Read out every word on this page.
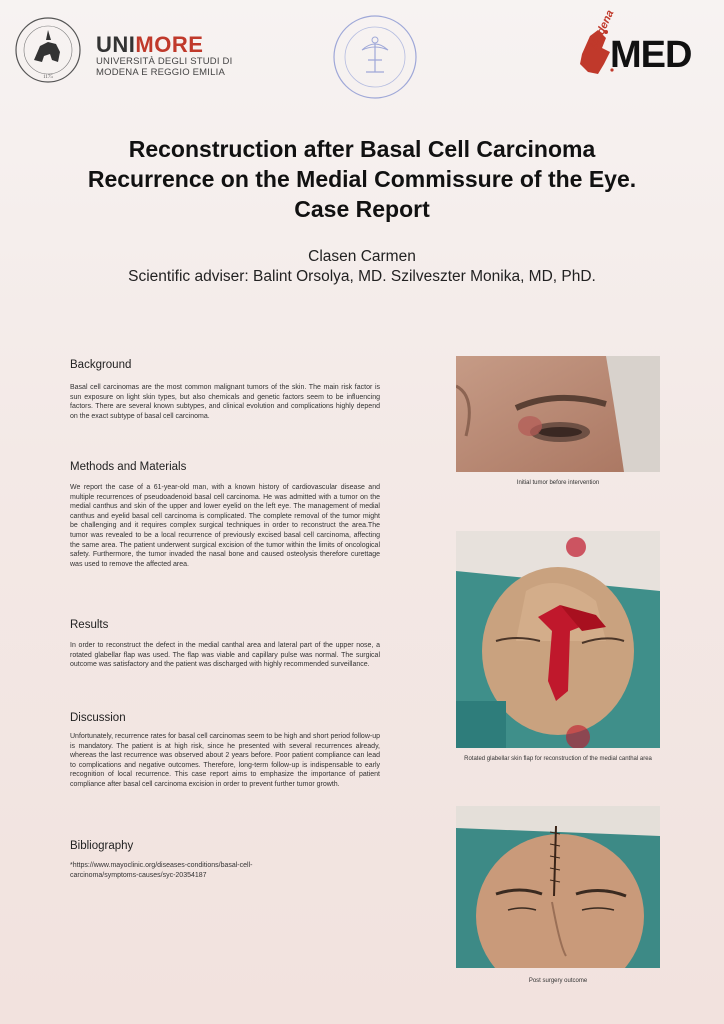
1175
UNIMORE
UNIVERSITÀ DEGLI STUDI DI
MODENA E REGGIO EMILIA	MED
Modena
Reconstruction after Basal Cell Carcinoma
Recurrence on the Medial Commissure of the Eye.
Case Report
Clasen Carmen
Scientific adviser: Balint Orsolya, MD. Szilveszter Monika, MD, PhD.
Background
Basal cell carcinomas are the most common malignant tumors of the skin. The main risk factor is sun exposure on light skin types, but also chemicals and genetic factors seem to be influencing factors. There are several known subtypes, and clinical evolution and complications highly depend on the exact subtype of basal cell carcinoma.
Methods and Materials
We report the case of a 61-year-old man, with a known history of cardiovascular disease and multiple recurrences of pseudoadenoid basal cell carcinoma. He was admitted with a tumor on the medial canthus and skin of the upper and lower eyelid on the left eye. The management of medial canthus and eyelid basal cell carcinoma is complicated. The complete removal of the tumor might be challenging and it requires complex surgical techniques in order to reconstruct the area.The tumor was revealed to be a local recurrence of previously excised basal cell carcinoma, affecting the same area. The patient underwent surgical excision of the tumor within the limits of oncological safety. Furthermore, the tumor invaded the nasal bone and caused osteolysis therefore curettage was used to remove the affected area.
Results
In order to reconstruct the defect in the medial canthal area and lateral part of the upper nose, a rotated glabellar flap was used. The flap was viable and capillary pulse was normal. The surgical outcome was satisfactory and the patient was discharged with highly recommended surveillance.
Discussion
Unfortunately, recurrence rates for basal cell carcinomas seem to be high and short period follow-up is mandatory. The patient is at high risk, since he presented with several recurrences already, whereas the last recurrence was observed about 2 years before. Poor patient compliance can lead to complications and negative outcomes. Therefore, long-term follow-up is indispensable to early recognition of local recurrence. This case report aims to emphasize the importance of patient compliance after basal cell carcinoma excision in order to prevent further tumor growth.
Bibliography
*https://www.mayoclinic.org/diseases-conditions/basal-cell-carcinoma/symptoms-causes/syc-20354187
Initial tumor before intervention
Rotated glabellar skin flap for reconstruction of the medial canthal area
Post surgery outcome
